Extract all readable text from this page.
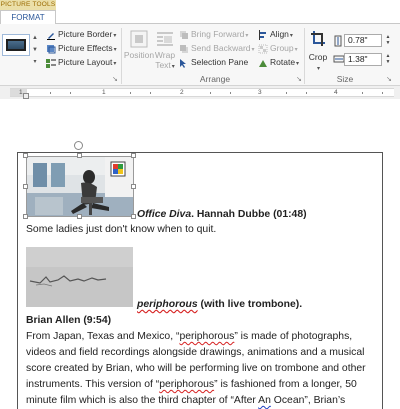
PICTURE TOOLS
FORMAT
▲
▼
▾
Picture Border▾
Picture Effects▾
Picture Layout▾
↘
Position Wrap
Text▾
Bring Forward▾
Send Backward▾
Selection Pane
Align▾
Group▾
Rotate▾
Arrange	↘
Crop
▾
0.78"	▲
▼
1.38"	▲
▼
Size	↘
1	1	2	3	4
Office Diva. Hannah Dubbe (01:48)
Some ladies just don't know when to quit.
periphorous (with live trombone).
Brian Allen (9:54)
From Japan, Texas and Mexico, “periphorous” is made of photographs,
videos and field recordings alongside drawings, animations and a musical
score created by Brian, who will be performing live on trombone and other
instruments. This version of “periphorous” is fashioned from a longer, 50
minute film which is also the third chapter of “After An Ocean”, Brian’s
